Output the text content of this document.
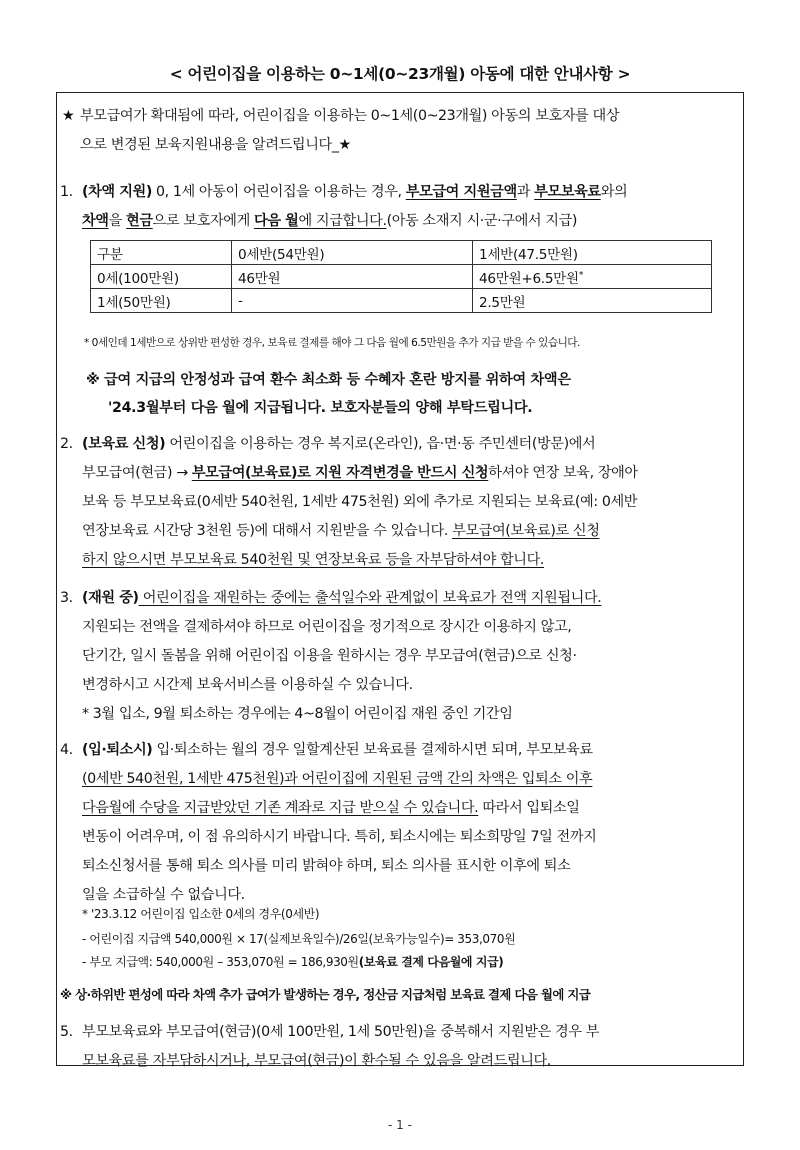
< 어린이집을 이용하는 0~1세(0~23개월) 아동에 대한 안내사항 >
★ 부모급여가 확대됨에 따라, 어린이집을 이용하는 0~1세(0~23개월) 아동의 보호자를 대상
으로 변경된 보육지원내용을 알려드립니다_★
1. (차액 지원) 0, 1세 아동이 어린이집을 이용하는 경우, 부모급여 지원금액과 부모보육료와의
차액을 현금으로 보호자에게 다음 월에 지급합니다.(아동 소재지 시·군·구에서 지급)
구분	0세반(54만원)	1세반(47.5만원)
0세(100만원)	46만원	46만원+6.5만원*
1세(50만원)	-	2.5만원
* 0세인데 1세반으로 상위반 편성한 경우, 보육료 결제를 해야 그 다음 월에 6.5만원을 추가 지급 받을 수 있습니다.
※ 급여 지급의 안정성과 급여 환수 최소화 등 수혜자 혼란 방지를 위하여 차액은
'24.3월부터 다음 월에 지급됩니다. 보호자분들의 양해 부탁드립니다.
2. (보육료 신청) 어린이집을 이용하는 경우 복지로(온라인), 읍·면·동 주민센터(방문)에서
부모급여(현금) → 부모급여(보육료)로 지원 자격변경을 반드시 신청하셔야 연장 보육, 장애아
보육 등 부모보육료(0세반 540천원, 1세반 475천원) 외에 추가로 지원되는 보육료(예: 0세반
연장보육료 시간당 3천원 등)에 대해서 지원받을 수 있습니다. 부모급여(보육료)로 신청
하지 않으시면 부모보육료 540천원 및 연장보육료 등을 자부담하셔야 합니다.
3. (재원 중) 어린이집을 재원하는 중에는 출석일수와 관계없이 보육료가 전액 지원됩니다.
지원되는 전액을 결제하셔야 하므로 어린이집을 정기적으로 장시간 이용하지 않고,
단기간, 일시 돌봄을 위해 어린이집 이용을 원하시는 경우 부모급여(현금)으로 신청·
변경하시고 시간제 보육서비스를 이용하실 수 있습니다.
* 3월 입소, 9월 퇴소하는 경우에는 4~8월이 어린이집 재원 중인 기간임
4. (입·퇴소시) 입·퇴소하는 월의 경우 일할계산된 보육료를 결제하시면 되며, 부모보육료
(0세반 540천원, 1세반 475천원)과 어린이집에 지원된 금액 간의 차액은 입퇴소 이후
다음월에 수당을 지급받았던 기존 계좌로 지급 받으실 수 있습니다. 따라서 입퇴소일
변동이 어려우며, 이 점 유의하시기 바랍니다. 특히, 퇴소시에는 퇴소희망일 7일 전까지
퇴소신청서를 통해 퇴소 의사를 미리 밝혀야 하며, 퇴소 의사를 표시한 이후에 퇴소
일을 소급하실 수 없습니다.
* '23.3.12 어린이집 입소한 0세의 경우(0세반)
- 어린이집 지급액 540,000원 × 17(실제보육일수)/26일(보육가능일수)= 353,070원
- 부모 지급액: 540,000원 – 353,070원 = 186,930원(보육료 결제 다음월에 지급)
※ 상·하위반 편성에 따라 차액 추가 급여가 발생하는 경우, 정산금 지급처럼 보육료 결제 다음 월에 지급
5. 부모보육료와 부모급여(현금)(0세 100만원, 1세 50만원)을 중복해서 지원받은 경우 부
모보육료를 자부담하시거나, 부모급여(현금)이 환수될 수 있음을 알려드립니다.
- 1 -
